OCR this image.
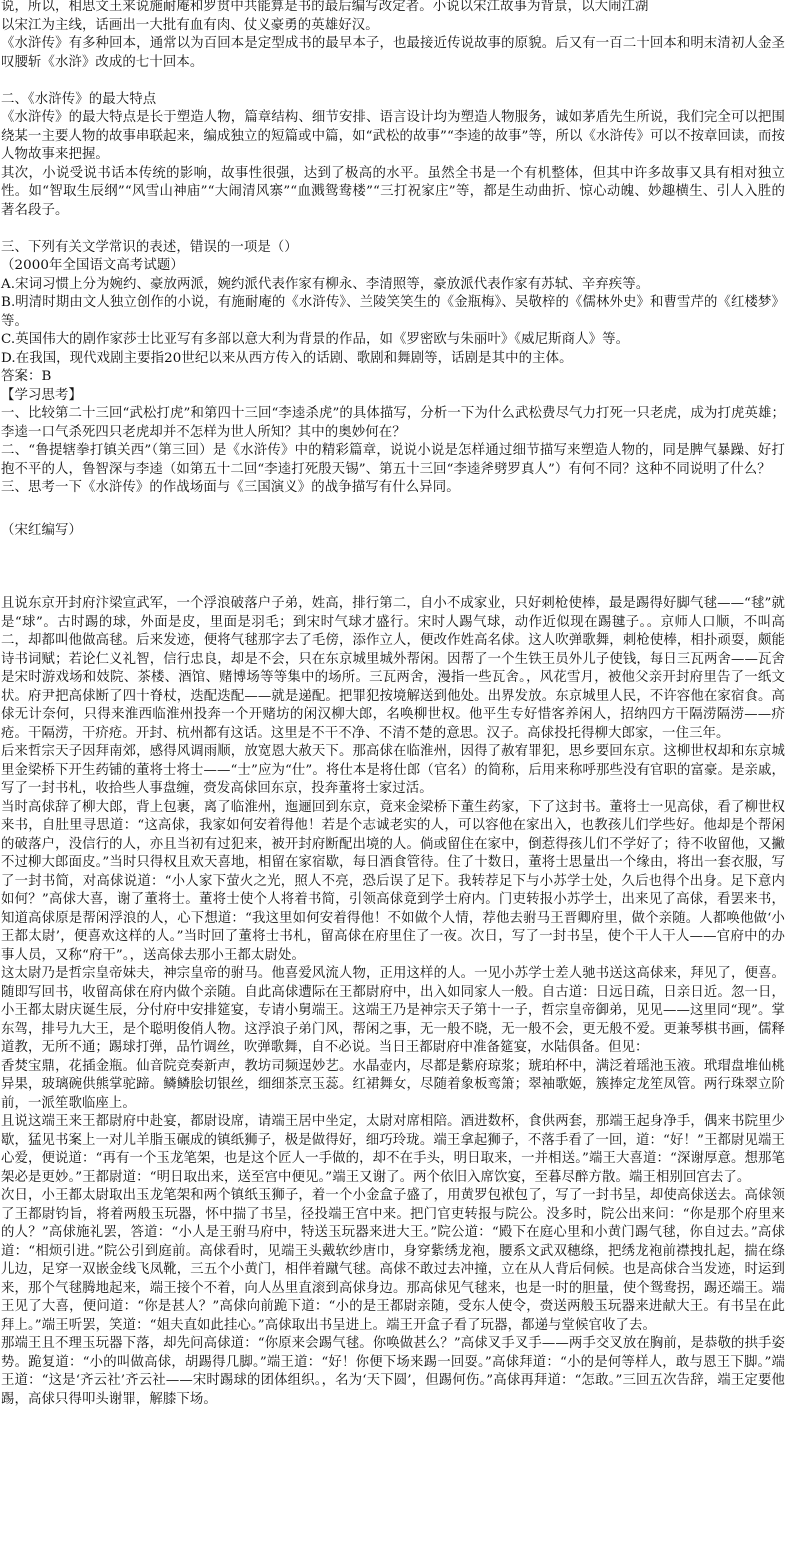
说，所以，相思文王来说施耐庵和罗贯中共能算是书的最后编写改定者。小说以宋江故事为背景，以大闹江湖

以宋江为主线，话画出一大批有血有肉、仗义豪勇的英雄好汉。

《水浒传》有多种回本，通常以为百回本是定型成书的最早本子，也最接近传说故事的原貌。后又有一百二十回本和明末清初人金圣叹腰斩《水浒》改成的七十回本。

二、《水浒传》的最大特点

《水浒传》的最大特点是长于塑造人物，篇章结构、细节安排、语言设计均为塑造人物服务，诚如茅盾先生所说，我们完全可以把围绕某一主要人物的故事串联起来，编成独立的短篇或中篇，如“武松的故事”“李逵的故事”等，所以《水浒传》可以不按章回读，而按人物故事来把握。

其次，小说受说书话本传统的影响，故事性很强，达到了极高的水平。虽然全书是一个有机整体，但其中许多故事又具有相对独立性。如“智取生辰纲”“风雪山神庙”“大闹清风寨”“血溅鸳鸯楼”“三打祝家庄”等，都是生动曲折、惊心动魄、妙趣横生、引人入胜的著名段子。

三、下列有关文学常识的表述，错误的一项是（）

（2000年全国语文高考试题）

A.宋词习惯上分为婉约、豪放两派，婉约派代表作家有柳永、李清照等，豪放派代表作家有苏轼、辛弃疾等。

B.明清时期由文人独立创作的小说，有施耐庵的《水浒传》、兰陵笑笑生的《金瓶梅》、吴敬梓的《儒林外史》和曹雪芹的《红楼梦》等。

C.英国伟大的剧作家莎士比亚写有多部以意大利为背景的作品，如《罗密欧与朱丽叶》《威尼斯商人》等。

D.在我国，现代戏剧主要指20世纪以来从西方传入的话剧、歌剧和舞剧等，话剧是其中的主体。

答案：B

【学习思考】

一、比较第二十三回“武松打虎”和第四十三回“李逵杀虎”的具体描写，分析一下为什么武松费尽气力打死一只老虎，成为打虎英雄；李逵一口气杀死四只老虎却并不怎样为世人所知？其中的奥妙何在？

二、“鲁提辖拳打镇关西”（第三回）是《水浒传》中的精彩篇章，说说小说是怎样通过细节描写来塑造人物的，同是脾气暴躁、好打抱不平的人，鲁智深与李逵（如第五十二回“李逵打死殷天锡”、第五十三回“李逵斧劈罗真人”）有何不同？这种不同说明了什么？

三、思考一下《水浒传》的作战场面与《三国演义》的战争描写有什么异同。

（宋红编写）

且说东京开封府汴梁宣武军，一个浮浪破落户子弟，姓高，排行第二，自小不成家业，只好刺枪使棒，最是踢得好脚气毬——“毬”就是“球”。古时踢的球，外面是皮，里面是羽毛；到宋时气球才盛行。宋时人踢气球，动作近似现在踢毽子。。京师人口顺，不叫高二，却都叫他做高毬。后来发迹，便将气毬那字去了毛傍，添作立人，便改作姓高名俅。这人吹弹歌舞，刺枪使棒，相扑顽耍，颇能诗书词赋；若论仁义礼智，信行忠良，却是不会，只在东京城里城外帮闲。因帮了一个生铁王员外儿子使钱，每日三瓦两舍——瓦舍是宋时游戏场和妓院、茶楼、酒馆、赌博场等等集中的场所。三瓦两舍，漫指一些瓦舍。，风花雪月，被他父亲开封府里告了一纸文状。府尹把高俅断了四十脊杖，迭配迭配——就是递配。把罪犯按境解送到他处。出界发放。东京城里人民，不许容他在家宿食。高俅无计奈何，只得来淮西临淮州投奔一个开赌坊的闲汉柳大郎，名唤柳世权。他平生专好惜客养闲人，招纳四方干隔涝隔涝——疥疮。干隔涝，干疥疮。开封、杭州都有这话。这里是不干不净、不清不楚的意思。汉子。高俅投托得柳大郎家，一住三年。

后来哲宗天子因拜南郊，感得风调雨顺，放宽恩大赦天下。那高俅在临淮州，因得了赦宥罪犯，思乡要回东京。这柳世权却和东京城里金梁桥下开生药铺的董将士将士——“士”应为“仕”。将仕本是将仕郎（官名）的简称，后用来称呼那些没有官职的富豪。是亲戚，写了一封书札，收拾些人事盘缠，赍发高俅回东京，投奔董将士家过活。

当时高俅辞了柳大郎，背上包裹，离了临淮州，迤逦回到东京，竟来金梁桥下董生药家，下了这封书。董将士一见高俅，看了柳世权来书，自肚里寻思道：“这高俅，我家如何安着得他！若是个志诚老实的人，可以容他在家出入，也教孩儿们学些好。他却是个帮闲的破落户，没信行的人，亦且当初有过犯来，被开封府断配出境的人。倘或留住在家中，倒惹得孩儿们不学好了；待不收留他，又撇不过柳大郎面皮。”当时只得权且欢天喜地，相留在家宿歇，每日酒食管待。住了十数日，董将士思量出一个缘由，将出一套衣服，写了一封书简，对高俅说道：“小人家下萤火之光，照人不亮，恐后误了足下。我转荐足下与小苏学士处，久后也得个出身。足下意内如何？”高俅大喜，谢了董将士。董将士使个人将着书简，引领高俅竟到学士府内。门吏转报小苏学士，出来见了高俅，看罢来书，知道高俅原是帮闲浮浪的人，心下想道：“我这里如何安着得他！不如做个人情，荐他去驸马王晋卿府里，做个亲随。人都唤他做‘小王都太尉’，便喜欢这样的人。”当时回了董将士书札，留高俅在府里住了一夜。次日，写了一封书呈，使个干人干人——官府中的办事人员，又称“府干”。，送高俅去那小王都太尉处。

这太尉乃是哲宗皇帝妹夫，神宗皇帝的驸马。他喜爱风流人物，正用这样的人。一见小苏学士差人驰书送这高俅来，拜见了，便喜。随即写回书，收留高俅在府内做个亲随。自此高俅遭际在王都尉府中，出入如同家人一般。自古道：日远日疏，日亲日近。忽一日，小王都太尉庆诞生辰，分付府中安排筵宴，专请小舅端王。这端王乃是神宗天子第十一子，哲宗皇帝御弟，见见——这里同“现”。掌东驾，排号九大王，是个聪明俊俏人物。这浮浪子弟门风，帮闲之事，无一般不晓，无一般不会，更无般不爱。更兼琴棋书画，儒释道教，无所不通；踢球打弹，品竹调丝，吹弹歌舞，自不必说。当日王都尉府中准备筵宴，水陆俱备。但见：

香焚宝鼎，花插金瓶。仙音院竞奏新声，教坊司频逞妙艺。水晶壶内，尽都是紫府琼浆；琥珀杯中，满泛着瑶池玉液。玳瑁盘堆仙桃异果，玻璃碗供熊掌驼蹄。鳞鳞脍切银丝，细细茶烹玉蕊。红裙舞女，尽随着象板鸾箫；翠袖歌姬，簇捧定龙笙凤管。两行珠翠立阶前，一派笙歌临座上。

且说这端王来王都尉府中赴宴，都尉设席，请端王居中坐定，太尉对席相陪。酒进数杯，食供两套，那端王起身净手，偶来书院里少歇，猛见书案上一对儿羊脂玉碾成的镇纸狮子，极是做得好，细巧玲珑。端王拿起狮子，不落手看了一回，道：“好！”王都尉见端王心爱，便说道：“再有一个玉龙笔架，也是这个匠人一手做的，却不在手头，明日取来，一并相送。”端王大喜道：“深谢厚意。想那笔架必是更妙。”王都尉道：“明日取出来，送至宫中便见。”端王又谢了。两个依旧入席饮宴，至暮尽醉方散。端王相别回宫去了。

次日，小王都太尉取出玉龙笔架和两个镇纸玉狮子，着一个小金盒子盛了，用黄罗包袱包了，写了一封书呈，却使高俅送去。高俅领了王都尉钧旨，将着两般玉玩器，怀中揣了书呈，径投端王宫中来。把门官吏转报与院公。没多时，院公出来问：“你是那个府里来的人？”高俅施礼罢，答道：“小人是王驸马府中，特送玉玩器来进大王。”院公道：“殿下在庭心里和小黄门踢气毬，你自过去。”高俅道：“相烦引进。”院公引到庭前。高俅看时，见端王头戴软纱唐巾，身穿紫绣龙袍，腰系文武双穗绦，把绣龙袍前襟拽扎起，揣在绦儿边，足穿一双嵌金线飞凤靴，三五个小黄门，相伴着蹴气毬。高俅不敢过去冲撞，立在从人背后伺候。也是高俅合当发迹，时运到来，那个气毬腾地起来，端王接个不着，向人丛里直滚到高俅身边。那高俅见气毬来，也是一时的胆量，使个鸳鸯拐，踢还端王。端王见了大喜，便问道：“你是甚人？”高俅向前跪下道：“小的是王都尉亲随，受东人使令，赍送两般玉玩器来进献大王。有书呈在此拜上。”端王听罢，笑道：“姐夫直如此挂心。”高俅取出书呈进上。端王开盒子看了玩器，都递与堂候官收了去。

那端王且不理玉玩器下落，却先问高俅道：“你原来会踢气毬。你唤做甚么？”高俅叉手叉手——两手交叉放在胸前，是恭敬的拱手姿势。跪复道：“小的叫做高俅，胡踢得几脚。”端王道：“好！你便下场来踢一回耍。”高俅拜道：“小的是何等样人，敢与恩王下脚。”端王道：“这是‘齐云社’齐云社——宋时踢球的团体组织。，名为‘天下圆’，但踢何伤。”高俅再拜道：“怎敢。”三回五次告辞，端王定要他踢，高俅只得叩头谢罪，解膝下场。
